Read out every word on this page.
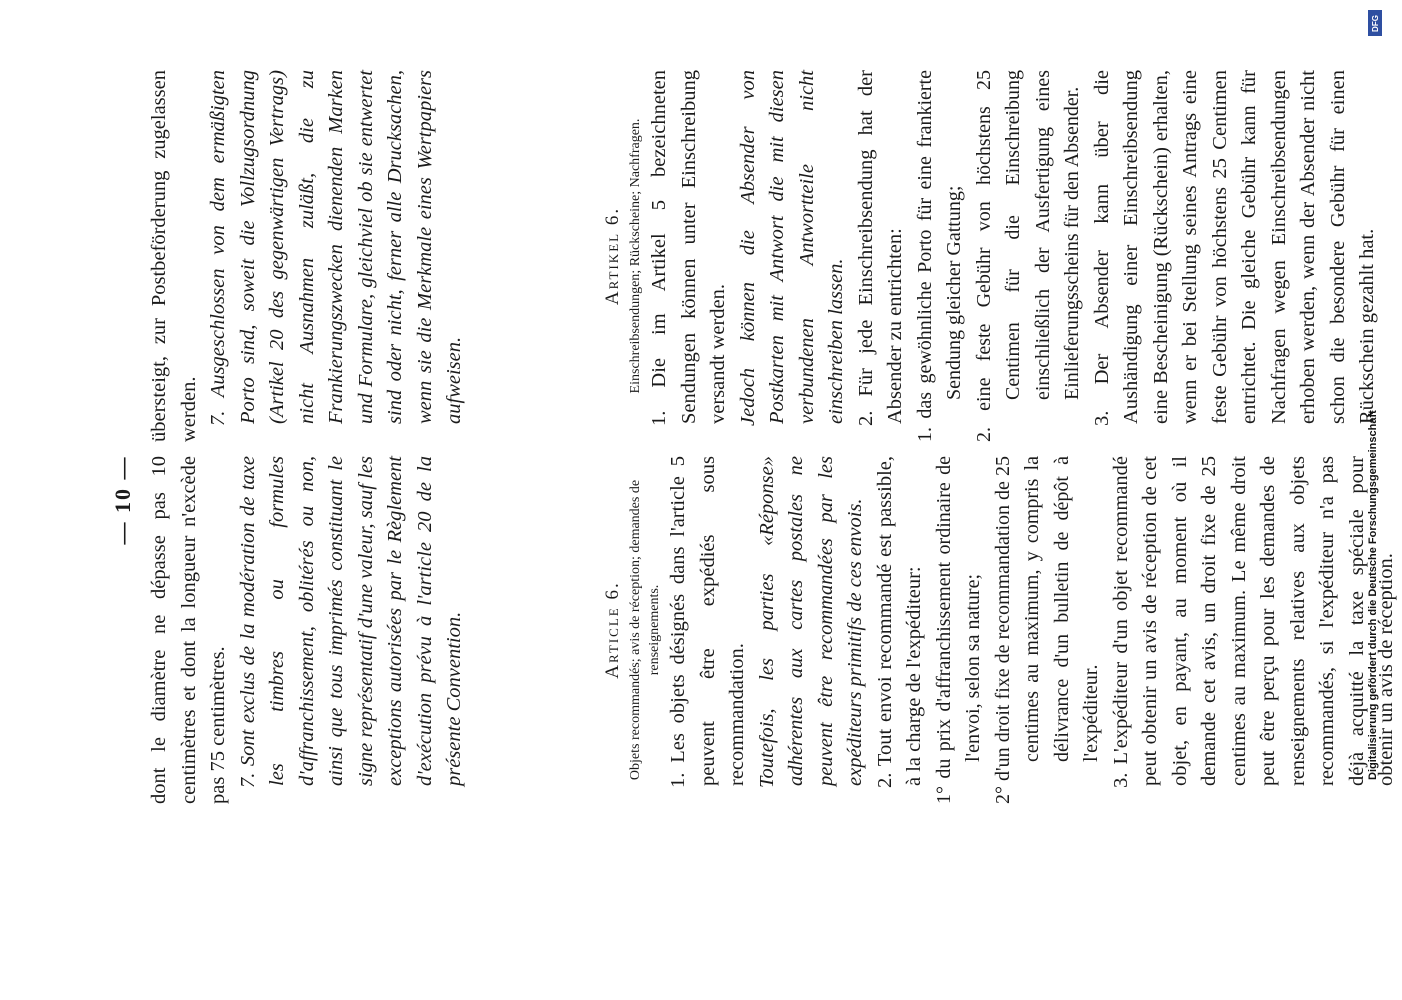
— 10 — dont le diamètre ne dépasse pas 10 centimètres et dont la longueur n'excède pas 75 centimètres. 7. Sont exclus de la modération de taxe les timbres ou formules d'affranchissement, oblitérés ou non, ainsi que tous imprimés constituant le signe représentatif d'une valeur, sauf les exceptions autorisées par le Règlement d'exécution prévu à l'article 20 de la présente Convention.	Article 6. Objets recommandés; avis de réception; demandes de renseignements. 1. Les objets désignés dans l'article 5 peuvent être expédiés sous recommandation. Toutefois, les parties «Réponse» adhérentes aux cartes postales ne peuvent être recommandées par les expéditeurs primitifs de ces envois. 2. Tout envoi recommandé est passible, à la charge de l'expéditeur: 1° du prix d'affranchissement ordinaire de l'envoi, selon sa nature; 2° d'un droit fixe de recommandation de 25 centimes au maximum, y compris la délivrance d'un bulletin de dépôt à l'expéditeur. 3. L'expéditeur d'un objet recommandé peut obtenir un avis de réception de cet objet, en payant, au moment où il demande cet avis, un droit fixe de 25 centimes au maximum. Le même droit peut être perçu pour les demandes de renseignements relatives aux objets recommandés, si l'expéditeur n'a pas déjà acquitté la taxe spéciale pour obtenir un avis de réception.

übersteigt, zur Postbeförderung zugelassen werden. 7. Ausgeschlossen von dem ermäßigten Porto sind, soweit die Vollzugsordnung (Artikel 20 des gegenwärtigen Vertrags) nicht Ausnahmen zuläßt, die zu Frankierungszwecken dienenden Marken und Formulare, gleichviel ob sie entwertet sind oder nicht, ferner alle Drucksachen, wenn sie die Merkmale eines Wertpapiers aufweisen.

Artikel 6. Einschreibsendungen; Rückscheine; Nachfragen. 1. Die im Artikel 5 bezeichneten Sendungen können unter Einschreibung versandt werden. Jedoch können die Absender von Postkarten mit Antwort die mit diesen verbundenen Antwortteile nicht einschreiben lassen. 2. Für jede Einschreibsendung hat der Absender zu entrichten: 1. das gewöhnliche Porto für eine frankierte Sendung gleicher Gattung; 2. eine feste Gebühr von höchstens 25 Centimen für die Einschreibung einschließlich der Ausfertigung eines Einlieferungsscheins für den Absender. 3. Der Absender kann über die Aushändigung einer Einschreibsendung eine Bescheinigung (Rückschein) erhalten, wenn er bei Stellung seines Antrags eine feste Gebühr von höchstens 25 Centimen entrichtet. Die gleiche Gebühr kann für Nachfragen wegen Einschreibsendungen erhoben werden, wenn der Absender nicht schon die besondere Gebühr für einen Rückschein gezahlt hat.

DFG
Digitalisierung gefördert durch die Deutsche Forschungsgemeinschaft
